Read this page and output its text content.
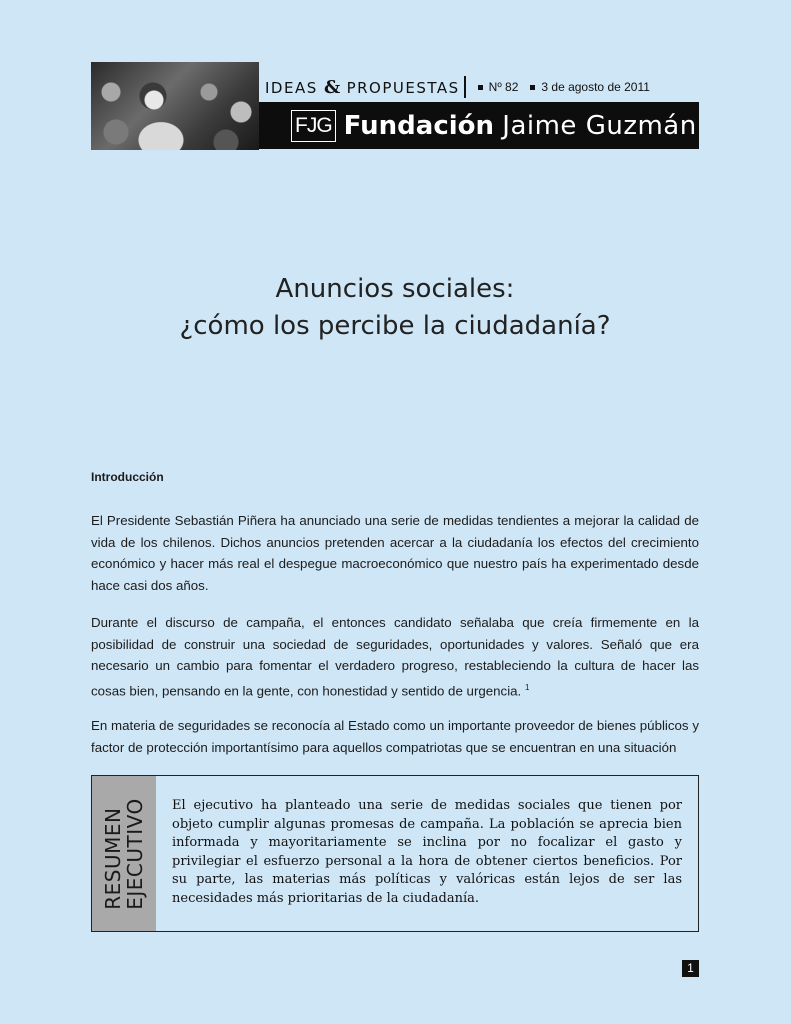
IDEAS & PROPUESTAS Nº 82 3 de agosto de 2011
FJG Fundación Jaime Guzmán
Anuncios sociales:
¿cómo los percibe la ciudadanía?
Introducción
El Presidente Sebastián Piñera ha anunciado una serie de medidas tendientes a mejorar la calidad de vida de los chilenos. Dichos anuncios pretenden acercar a la ciudadanía los efectos del crecimiento económico y hacer más real el despegue macroeconómico que nuestro país ha experimentado desde hace casi dos años.
Durante el discurso de campaña, el entonces candidato señalaba que creía firmemente en la posibilidad de construir una sociedad de seguridades, oportunidades y valores. Señaló que era necesario un cambio para fomentar el verdadero progreso, restableciendo la cultura de hacer las cosas bien, pensando en la gente, con honestidad y sentido de urgencia. $^1$
En materia de seguridades se reconocía al Estado como un importante proveedor de bienes públicos y factor de protección importantísimo para aquellos compatriotas que se encuentran en una situación
RESUMEN
EJECUTIVO	El ejecutivo ha planteado una serie de medidas sociales que tienen por objeto cumplir algunas promesas de campaña. La población se aprecia bien informada y mayoritariamente se inclina por no focalizar el gasto y privilegiar el esfuerzo personal a la hora de obtener ciertos beneficios. Por su parte, las materias más políticas y valóricas están lejos de ser las necesidades más prioritarias de la ciudadanía.
1
